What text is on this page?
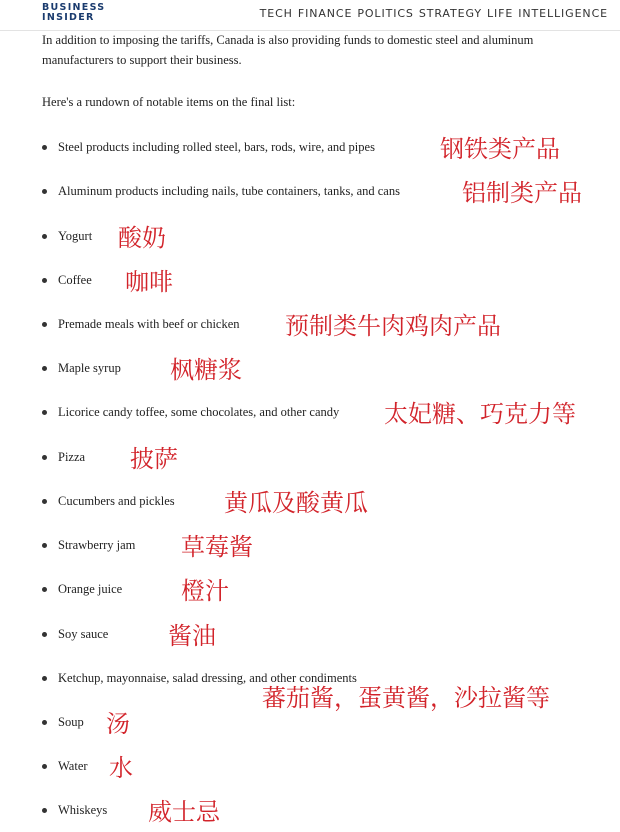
BUSINESS
INSIDER	TECH FINANCE POLITICS STRATEGY LIFE INTELLIGENCE
In addition to imposing the tariffs, Canada is also providing funds to domestic steel and aluminum manufacturers to support their business.
Here's a rundown of notable items on the final list:
Steel products including rolled steel, bars, rods, wire, and pipes	钢铁类产品
Aluminum products including nails, tube containers, tanks, and cans	铝制类产品
Yogurt 酸奶
Coffee 咖啡
Premade meals with beef or chicken 预制类牛肉鸡肉产品
Maple syrup 枫糖浆
Licorice candy toffee, some chocolates, and other candy 太妃糖、巧克力等
Pizza 披萨
Cucumbers and pickles 黄瓜及酸黄瓜
Strawberry jam 草莓酱
Orange juice 橙汁
Soy sauce 酱油
Ketchup, mayonnaise, salad dressing, and other condiments
蕃茄酱，蛋黄酱，沙拉酱等
Soup 汤
Water 水
Whiskeys 威士忌
